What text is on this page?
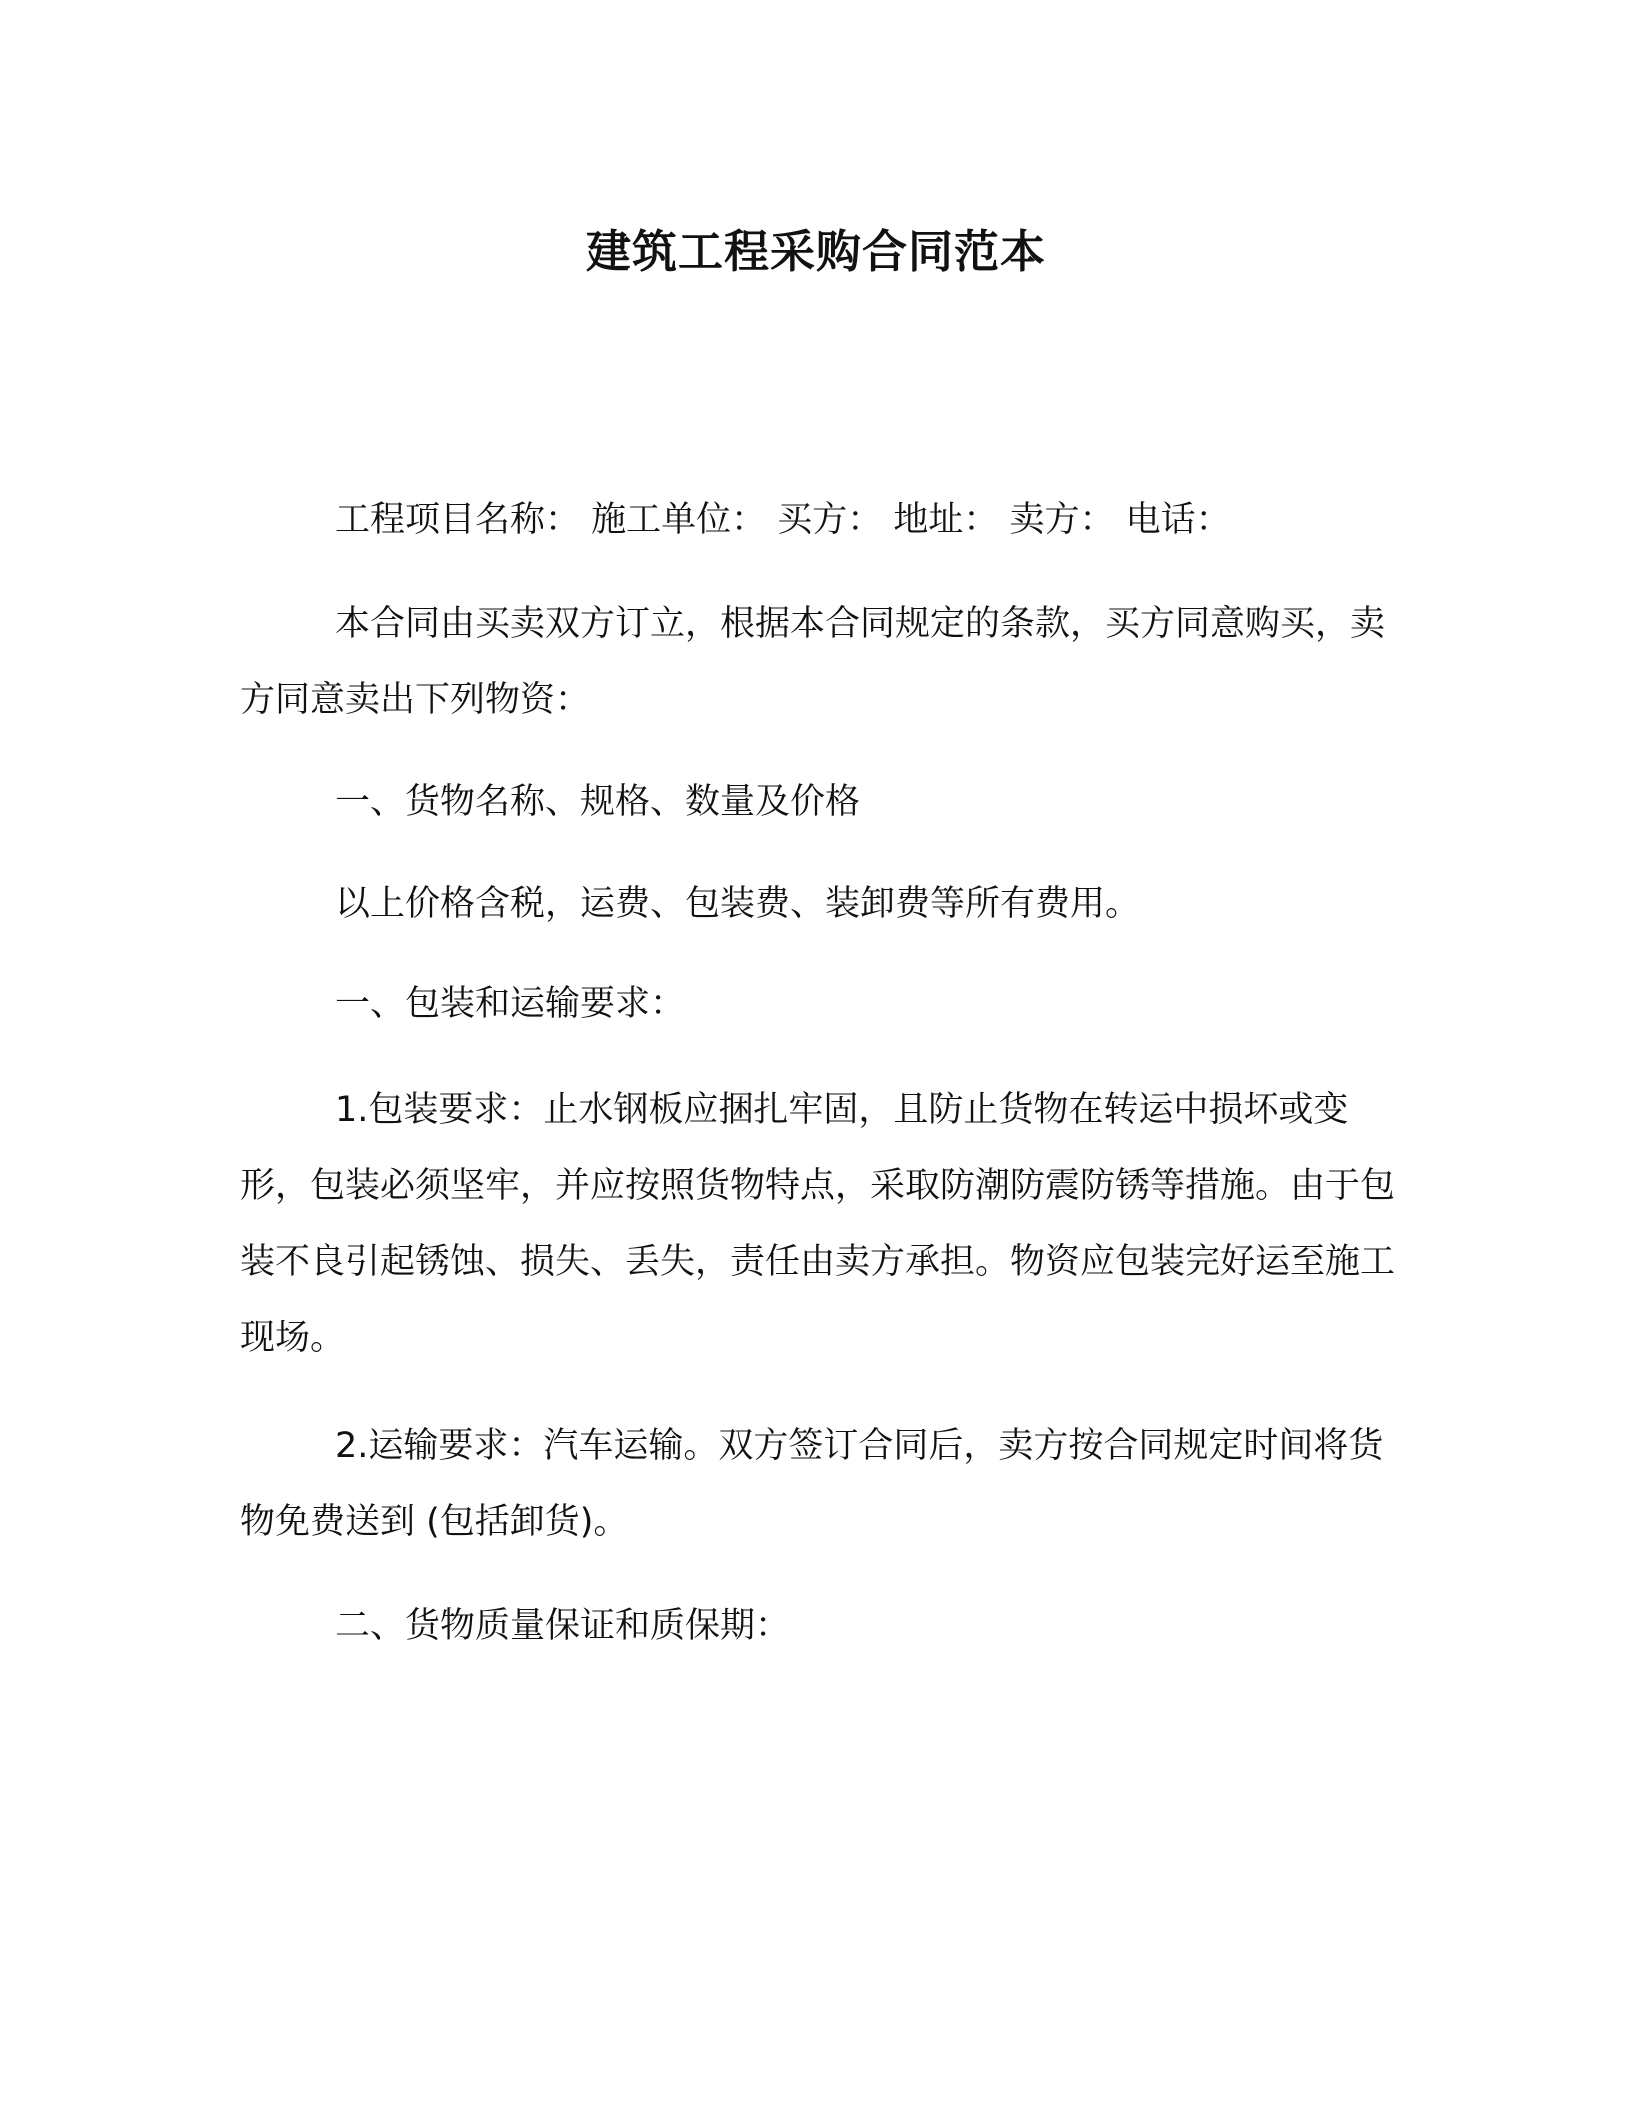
建筑工程采购合同范本

工程项目名称： 施工单位： 买方： 地址： 卖方： 电话：

本合同由买卖双方订立，根据本合同规定的条款，买方同意购买，卖方同意卖出下列物资：

一、货物名称、规格、数量及价格

以上价格含税，运费、包装费、装卸费等所有费用。

一、包装和运输要求：

1.包装要求：止水钢板应捆扎牢固，且防止货物在转运中损坏或变形，包装必须坚牢，并应按照货物特点，采取防潮防震防锈等措施。由于包装不良引起锈蚀、损失、丢失，责任由卖方承担。物资应包装完好运至施工现场。

2.运输要求：汽车运输。双方签订合同后，卖方按合同规定时间将货物免费送到 (包括卸货)。

二、货物质量保证和质保期：
